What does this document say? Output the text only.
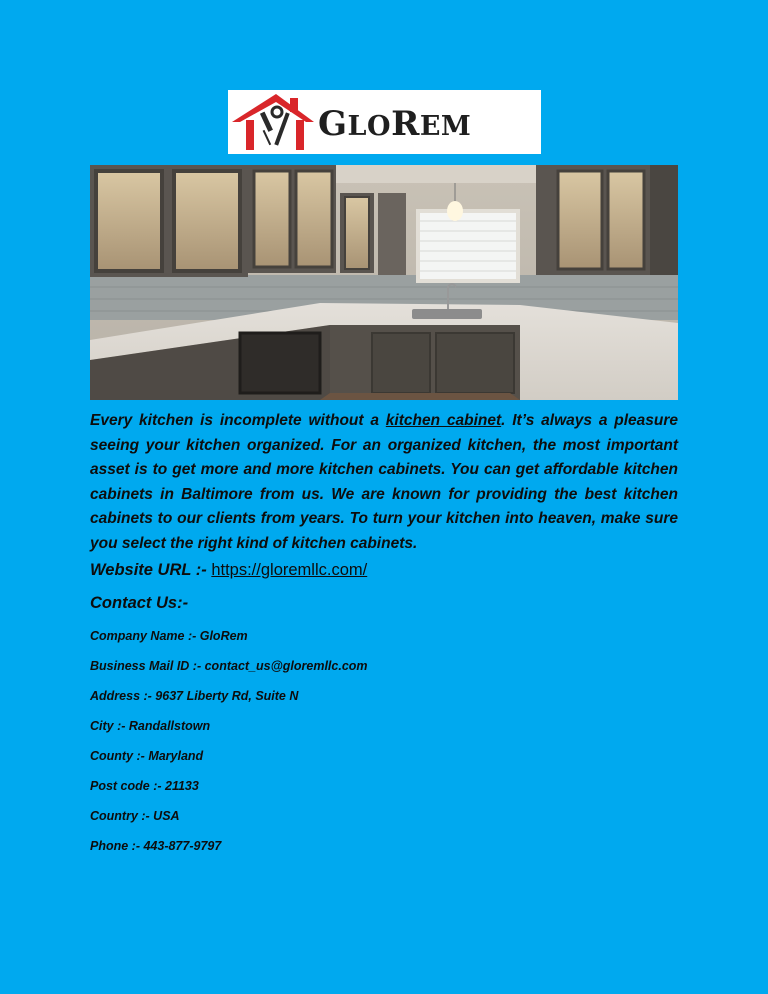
GLOREM

Every kitchen is incomplete without a kitchen cabinet. It’s always a pleasure seeing your kitchen organized. For an organized kitchen, the most important asset is to get more and more kitchen cabinets. You can get affordable kitchen cabinets in Baltimore from us. We are known for providing the best kitchen cabinets to our clients from years. To turn your kitchen into heaven, make sure you select the right kind of kitchen cabinets.

Website URL :- https://gloremllc.com/

Contact Us:-

Company Name :- GloRem

Business Mail ID :- contact_us@gloremllc.com

Address :- 9637 Liberty Rd, Suite N

City :- Randallstown

County :- Maryland

Post code :- 21133

Country :- USA

Phone :- 443-877-9797
